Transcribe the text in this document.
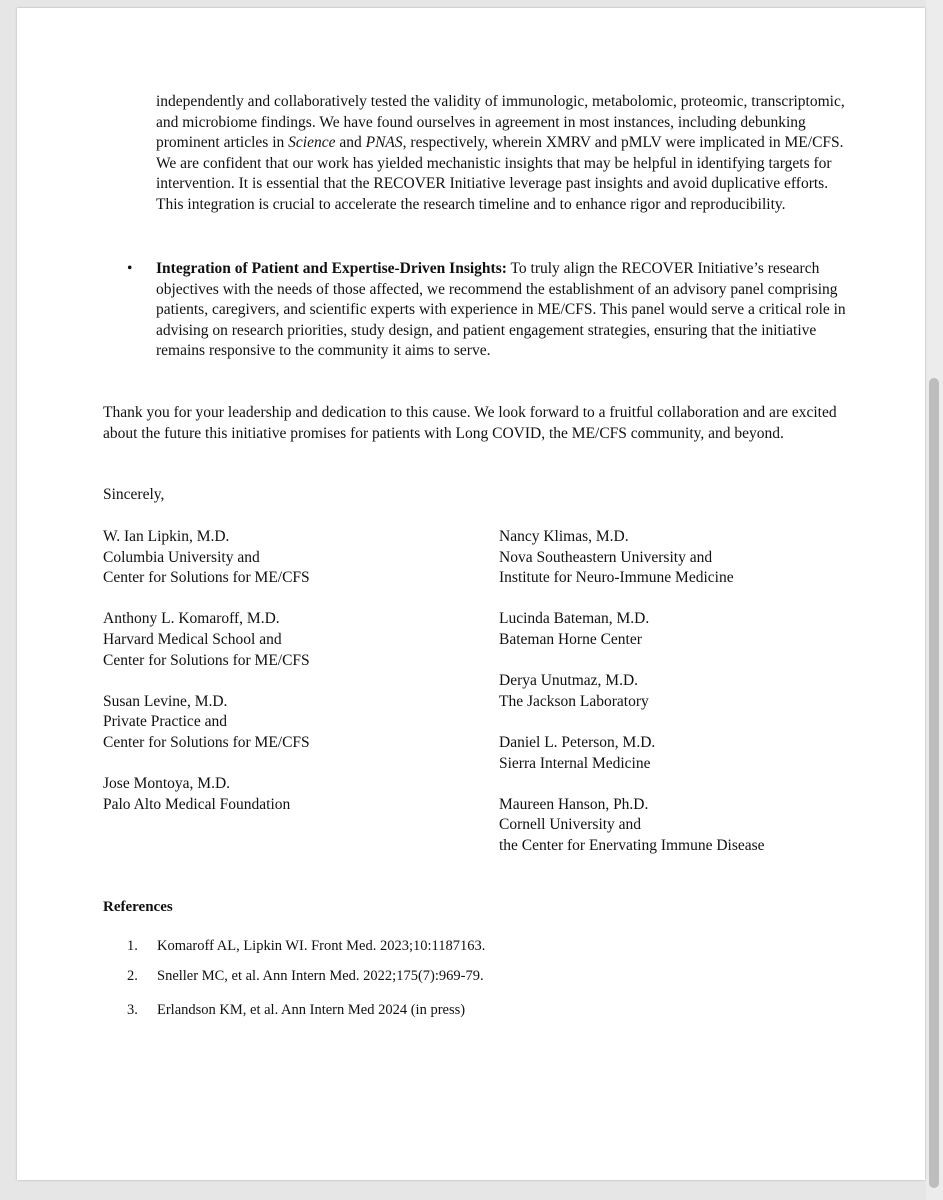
independently and collaboratively tested the validity of immunologic, metabolomic, proteomic, transcriptomic, and microbiome findings. We have found ourselves in agreement in most instances, including debunking prominent articles in Science and PNAS, respectively, wherein XMRV and pMLV were implicated in ME/CFS. We are confident that our work has yielded mechanistic insights that may be helpful in identifying targets for intervention. It is essential that the RECOVER Initiative leverage past insights and avoid duplicative efforts. This integration is crucial to accelerate the research timeline and to enhance rigor and reproducibility.

• Integration of Patient and Expertise-Driven Insights: To truly align the RECOVER Initiative’s research objectives with the needs of those affected, we recommend the establishment of an advisory panel comprising patients, caregivers, and scientific experts with experience in ME/CFS. This panel would serve a critical role in advising on research priorities, study design, and patient engagement strategies, ensuring that the initiative remains responsive to the community it aims to serve.

Thank you for your leadership and dedication to this cause. We look forward to a fruitful collaboration and are excited about the future this initiative promises for patients with Long COVID, the ME/CFS community, and beyond.

Sincerely,

W. Ian Lipkin, M.D.
Columbia University and
Center for Solutions for ME/CFS
Anthony L. Komaroff, M.D.
Harvard Medical School and
Center for Solutions for ME/CFS
Susan Levine, M.D.
Private Practice and
Center for Solutions for ME/CFS
Jose Montoya, M.D.
Palo Alto Medical Foundation
Nancy Klimas, M.D.
Nova Southeastern University and
Institute for Neuro-Immune Medicine
Lucinda Bateman, M.D.
Bateman Horne Center
Derya Unutmaz, M.D.
The Jackson Laboratory
Daniel L. Peterson, M.D.
Sierra Internal Medicine
Maureen Hanson, Ph.D.
Cornell University and
the Center for Enervating Immune Disease

References

1. Komaroff AL, Lipkin WI. Front Med. 2023;10:1187163.

2. Sneller MC, et al. Ann Intern Med. 2022;175(7):969-79.

3. Erlandson KM, et al. Ann Intern Med 2024 (in press)
